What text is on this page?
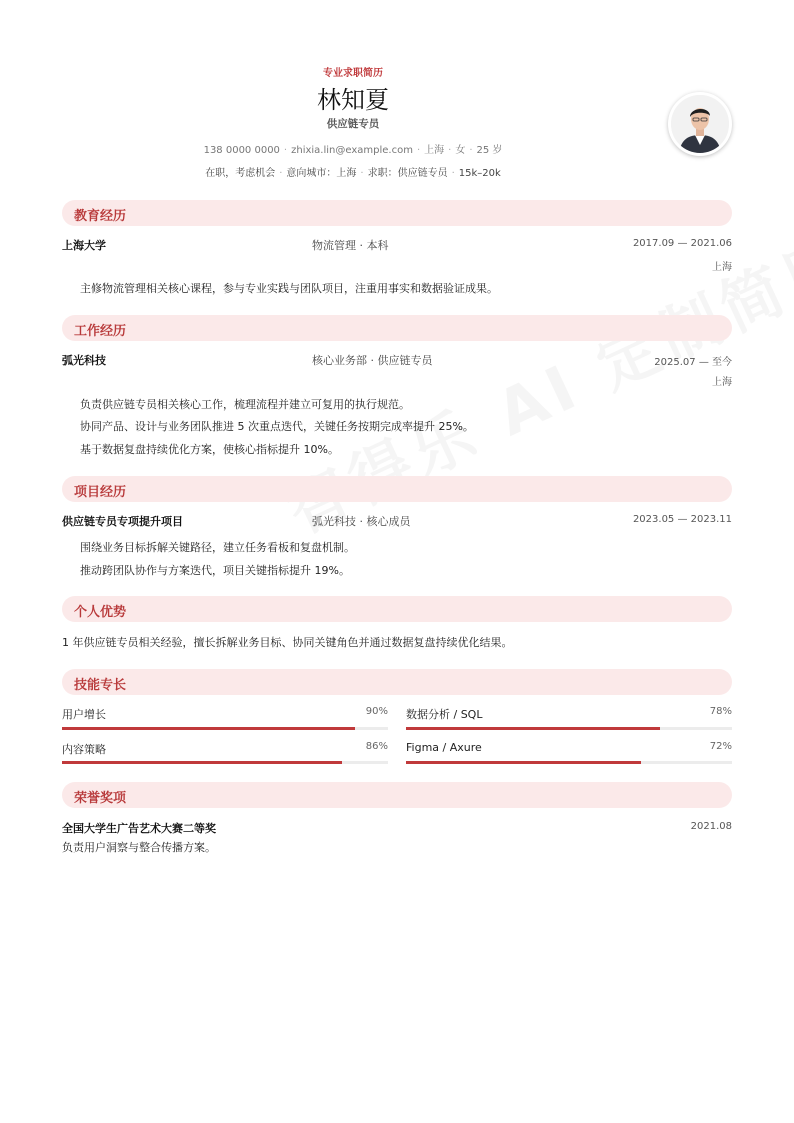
专业求职简历
林知夏
供应链专员
138 0000 0000 · zhixia.lin@example.com · 上海 · 女 · 25 岁
在职，考虑机会 · 意向城市：上海 · 求职：供应链专员 · 15k–20k
教育经历
上海大学	物流管理 · 本科	2017.09 — 2021.06
上海
主修物流管理相关核心课程，参与专业实践与团队项目，注重用事实和数据验证成果。
工作经历
弧光科技	核心业务部 · 供应链专员	2025.07 — 至今
上海
负责供应链专员相关核心工作，梳理流程并建立可复用的执行规范。
协同产品、设计与业务团队推进 5 次重点迭代，关键任务按期完成率提升 25%。
基于数据复盘持续优化方案，使核心指标提升 10%。
项目经历
供应链专员专项提升项目	弧光科技 · 核心成员	2023.05 — 2023.11
围绕业务目标拆解关键路径，建立任务看板和复盘机制。
推动跨团队协作与方案迭代，项目关键指标提升 19%。
个人优势
1 年供应链专员相关经验，擅长拆解业务目标、协同关键角色并通过数据复盘持续优化结果。
技能专长
用户增长	90% 数据分析 / SQL	78%
内容策略	86% Figma / Axure	72%
荣誉奖项
全国大学生广告艺术大赛二等奖	2021.08
负责用户洞察与整合传播方案。
